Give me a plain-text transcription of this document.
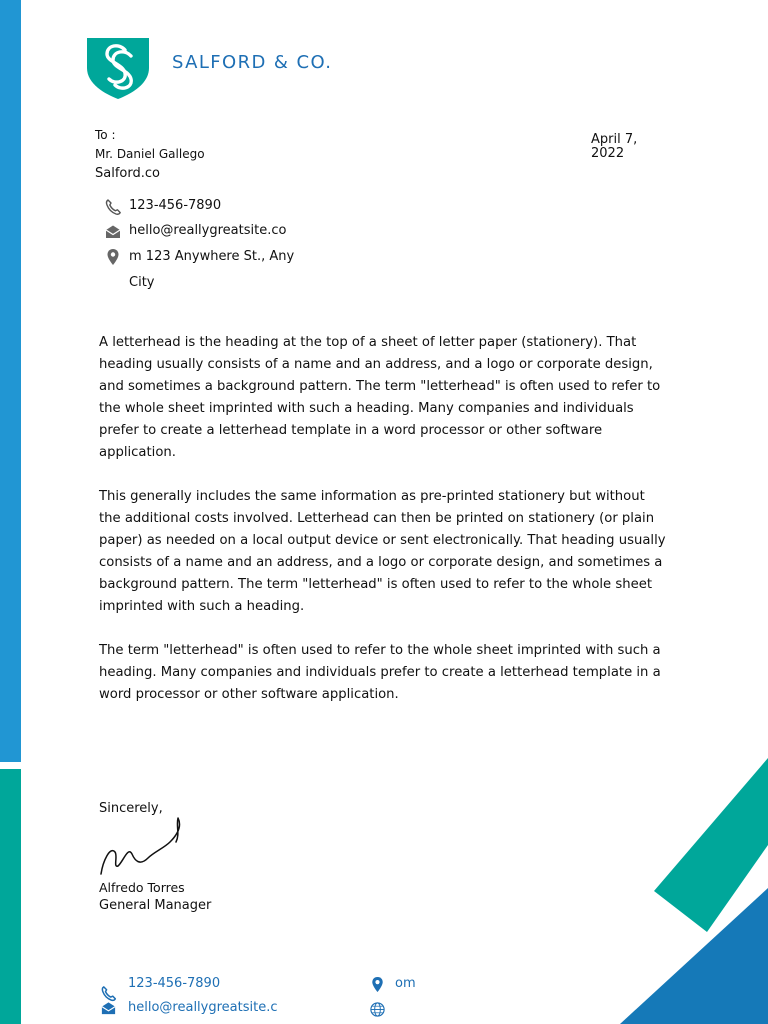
SALFORD & CO.
To :
Mr. Daniel Gallego
Salford.co
April 7,
2022
123-456-7890
hello@reallygreatsite.co
m 123 Anywhere St., Any
City

A letterhead is the heading at the top of a sheet of letter paper (stationery). That heading usually consists of a name and an address, and a logo or corporate design, and sometimes a background pattern. The term "letterhead" is often used to refer to the whole sheet imprinted with such a heading. Many companies and individuals prefer to create a letterhead template in a word processor or other software application.

This generally includes the same information as pre-printed stationery but without the additional costs involved. Letterhead can then be printed on stationery (or plain paper) as needed on a local output device or sent electronically. That heading usually consists of a name and an address, and a logo or corporate design, and sometimes a background pattern. The term "letterhead" is often used to refer to the whole sheet imprinted with such a heading.

The term "letterhead" is often used to refer to the whole sheet imprinted with such a heading. Many companies and individuals prefer to create a letterhead template in a word processor or other software application.

Sincerely,
Alfredo Torres
General Manager
123-456-7890
hello@reallygreatsite.c
om
